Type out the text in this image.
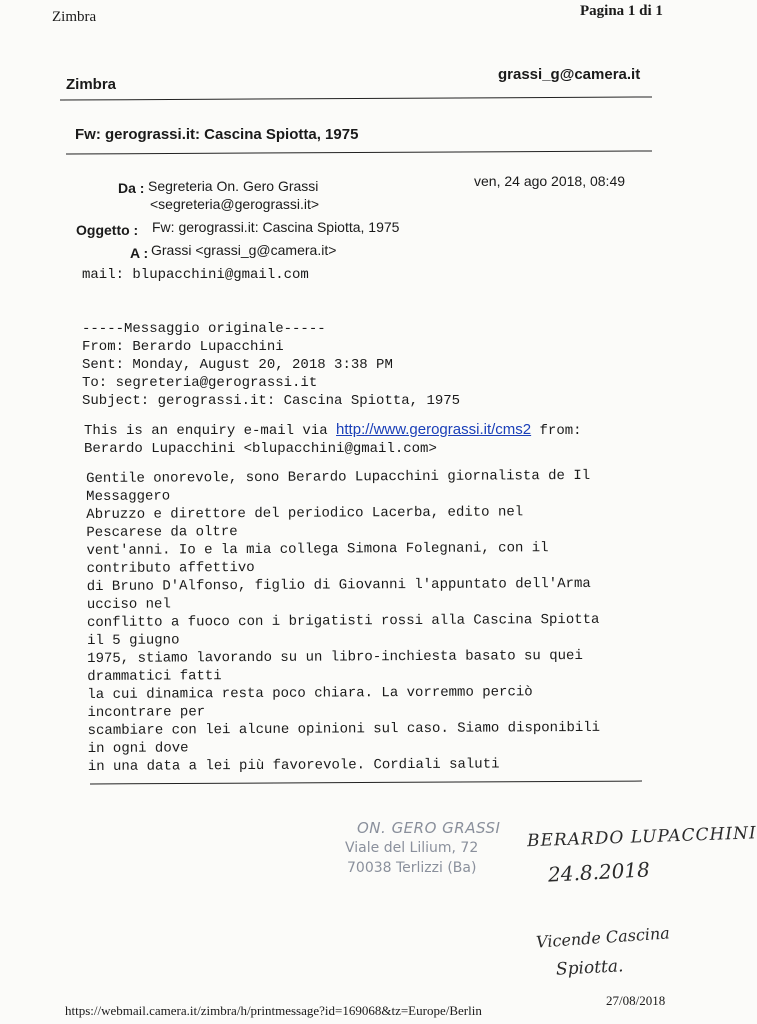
Zimbra	Pagina 1 di 1
Zimbra
grassi_g@camera.it
Fw: gerograssi.it: Cascina Spiotta, 1975
Da : Segreteria On. Gero Grassi
<segreteria@gerograssi.it>
ven, 24 ago 2018, 08:49
Oggetto : Fw: gerograssi.it: Cascina Spiotta, 1975
A : Grassi <grassi_g@camera.it>
mail: blupacchini@gmail.com
-----Messaggio originale-----
From: Berardo Lupacchini
Sent: Monday, August 20, 2018 3:38 PM
To: segreteria@gerograssi.it
Subject: gerograssi.it: Cascina Spiotta, 1975
This is an enquiry e-mail via http://www.gerograssi.it/cms2 from:
Berardo Lupacchini <blupacchini@gmail.com>
Gentile onorevole, sono Berardo Lupacchini giornalista de Il
Messaggero
Abruzzo e direttore del periodico Lacerba, edito nel
Pescarese da oltre
vent'anni. Io e la mia collega Simona Folegnani, con il
contributo affettivo
di Bruno D'Alfonso, figlio di Giovanni l'appuntato dell'Arma
ucciso nel
conflitto a fuoco con i brigatisti rossi alla Cascina Spiotta
il 5 giugno
1975, stiamo lavorando su un libro-inchiesta basato su quei
drammatici fatti
la cui dinamica resta poco chiara. La vorremmo perciò
incontrare per
scambiare con lei alcune opinioni sul caso. Siamo disponibili
in ogni dove
in una data a lei più favorevole. Cordiali saluti
ON. GERO GRASSI
Viale del Lilium, 72
70038 Terlizzi (Ba)
BERARDO LUPACCHINI
24.8.2018
Vicende Cascina
Spiotta.
https://webmail.camera.it/zimbra/h/printmessage?id=169068&tz=Europe/Berlin
27/08/2018
